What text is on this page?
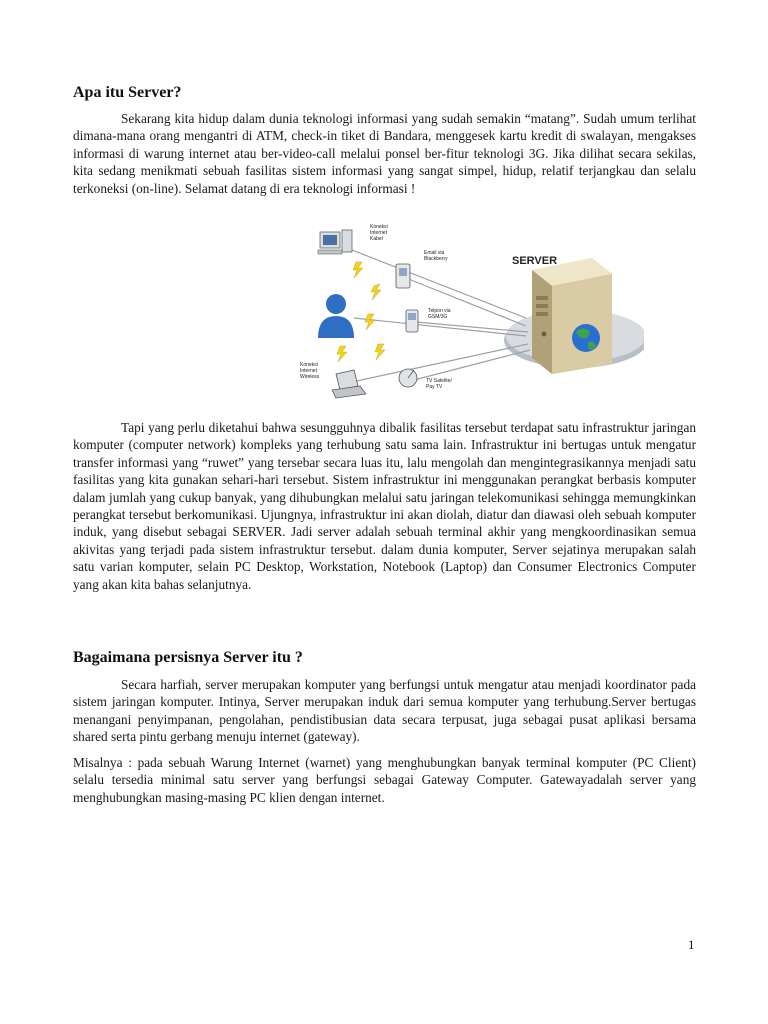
Apa itu Server?

Sekarang kita hidup dalam dunia teknologi informasi yang sudah semakin “matang”. Sudah umum terlihat dimana-mana orang mengantri di ATM, check-in tiket di Bandara, menggesek kartu kredit di swalayan, mengakses informasi di warung internet atau ber-video-call melalui ponsel ber-fitur teknologi 3G. Jika dilihat secara sekilas, kita sedang menikmati sebuah fasilitas sistem informasi yang sangat simpel, hidup, relatif terjangkau dan selalu terkoneksi (on-line). Selamat datang di era teknologi informasi !

SERVER
Koneksi Internet Kabel
Email via Blackberry
Telpon via GSM/3G
Koneksi Internet Wireless
TV Satelite/ Pay TV

Tapi yang perlu diketahui bahwa sesungguhnya dibalik fasilitas tersebut terdapat satu infrastruktur jaringan komputer (computer network) kompleks yang terhubung satu sama lain. Infrastruktur ini bertugas untuk mengatur transfer informasi yang “ruwet” yang tersebar secara luas itu, lalu mengolah dan mengintegrasikannya menjadi satu fasilitas yang kita gunakan sehari-hari tersebut. Sistem infrastruktur ini menggunakan perangkat berbasis komputer dalam jumlah yang cukup banyak, yang dihubungkan melalui satu jaringan telekomunikasi sehingga memungkinkan perangkat tersebut berkomunikasi. Ujungnya, infrastruktur ini akan diolah, diatur dan diawasi oleh sebuah komputer induk, yang disebut sebagai SERVER. Jadi server adalah sebuah terminal akhir yang mengkoordinasikan semua akivitas yang terjadi pada sistem infrastruktur tersebut. dalam dunia komputer, Server sejatinya merupakan salah satu varian komputer, selain PC Desktop, Workstation, Notebook (Laptop) dan Consumer Electronics Computer yang akan kita bahas selanjutnya.

Bagaimana persisnya Server itu ?

Secara harfiah, server merupakan komputer yang berfungsi untuk mengatur atau menjadi koordinator pada sistem jaringan komputer. Intinya, Server merupakan induk dari semua komputer yang terhubung.Server bertugas menangani penyimpanan, pengolahan, pendistibusian data secara terpusat, juga sebagai pusat aplikasi bersama shared serta pintu gerbang menuju internet (gateway).

Misalnya : pada sebuah Warung Internet (warnet) yang menghubungkan banyak terminal komputer (PC Client) selalu tersedia minimal satu server yang berfungsi sebagai Gateway Computer. Gatewayadalah server yang menghubungkan masing-masing PC klien dengan internet.

1
